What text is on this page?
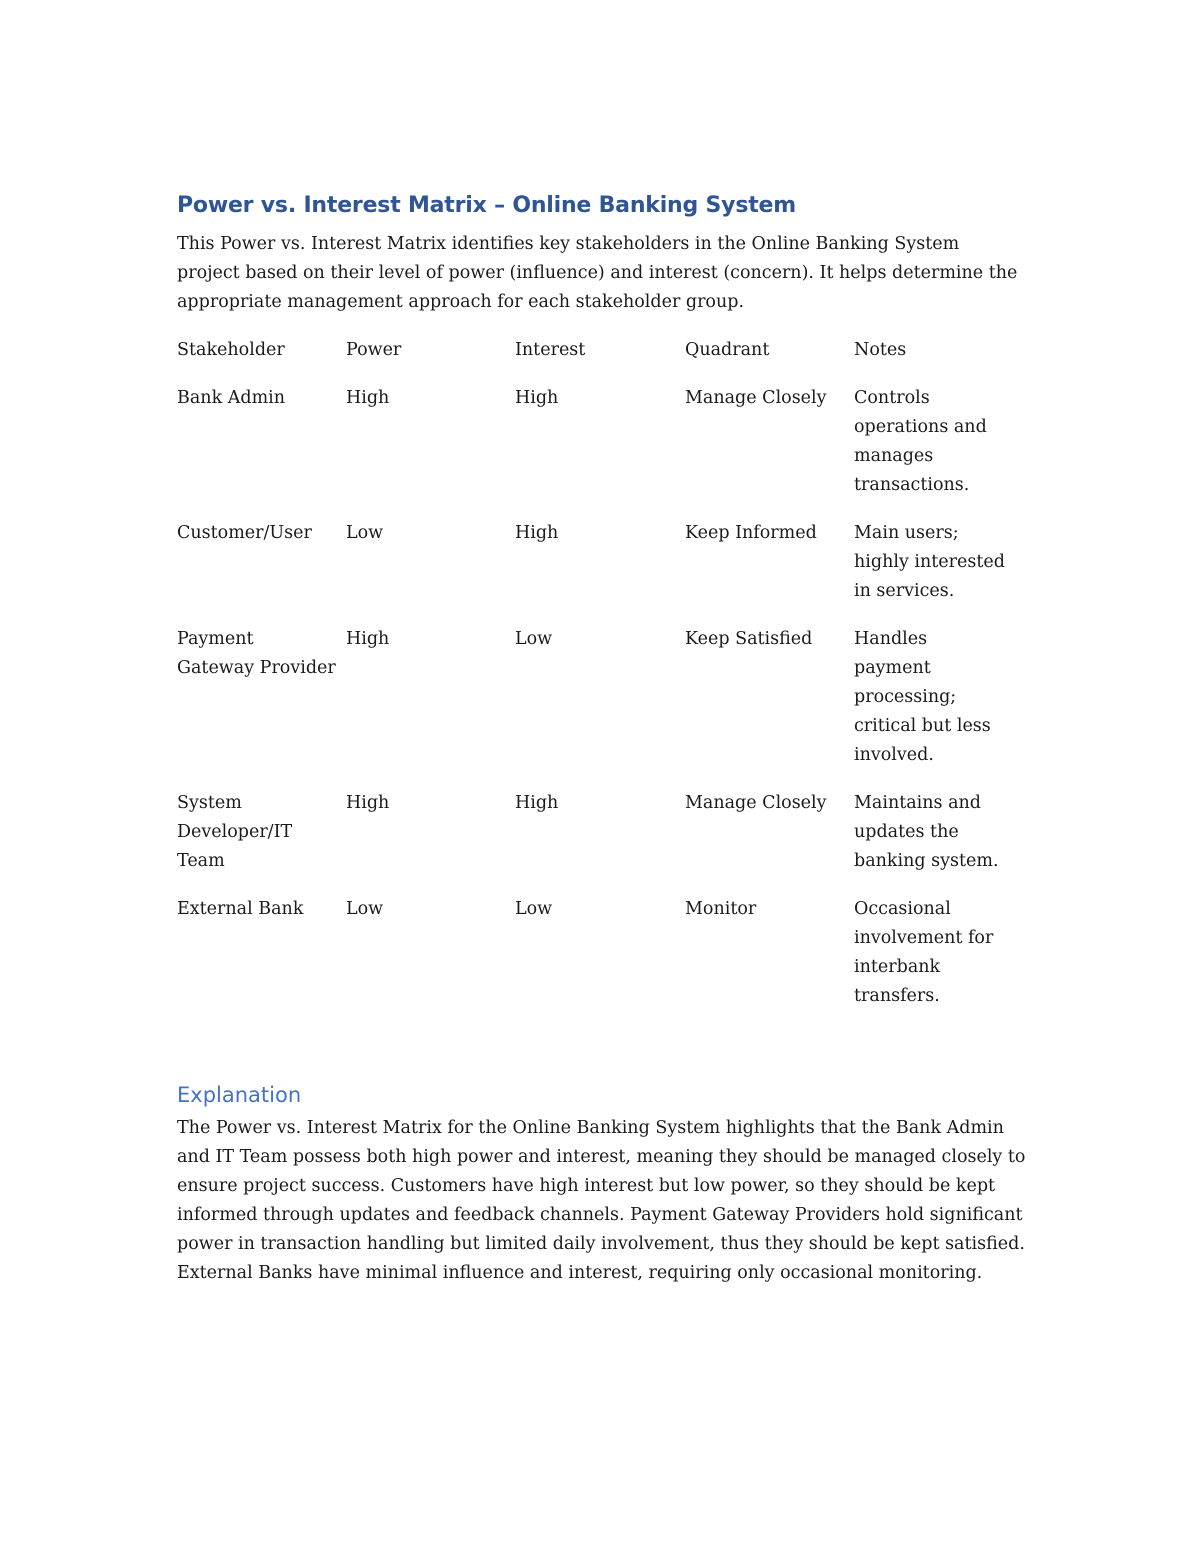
Power vs. Interest Matrix – Online Banking System

This Power vs. Interest Matrix identifies key stakeholders in the Online Banking System project based on their level of power (influence) and interest (concern). It helps determine the appropriate management approach for each stakeholder group.

Stakeholder	Power	Interest	Quadrant	Notes
Bank Admin	High	High	Manage Closely	Controls operations and manages transactions.
Customer/User	Low	High	Keep Informed	Main users; highly interested in services.
Payment Gateway Provider	High	Low	Keep Satisfied	Handles payment processing; critical but less involved.
System Developer/IT Team	High	High	Manage Closely	Maintains and updates the banking system.
External Bank	Low	Low	Monitor	Occasional involvement for interbank transfers.
Explanation

The Power vs. Interest Matrix for the Online Banking System highlights that the Bank Admin and IT Team possess both high power and interest, meaning they should be managed closely to ensure project success. Customers have high interest but low power, so they should be kept informed through updates and feedback channels. Payment Gateway Providers hold significant power in transaction handling but limited daily involvement, thus they should be kept satisfied. External Banks have minimal influence and interest, requiring only occasional monitoring.
